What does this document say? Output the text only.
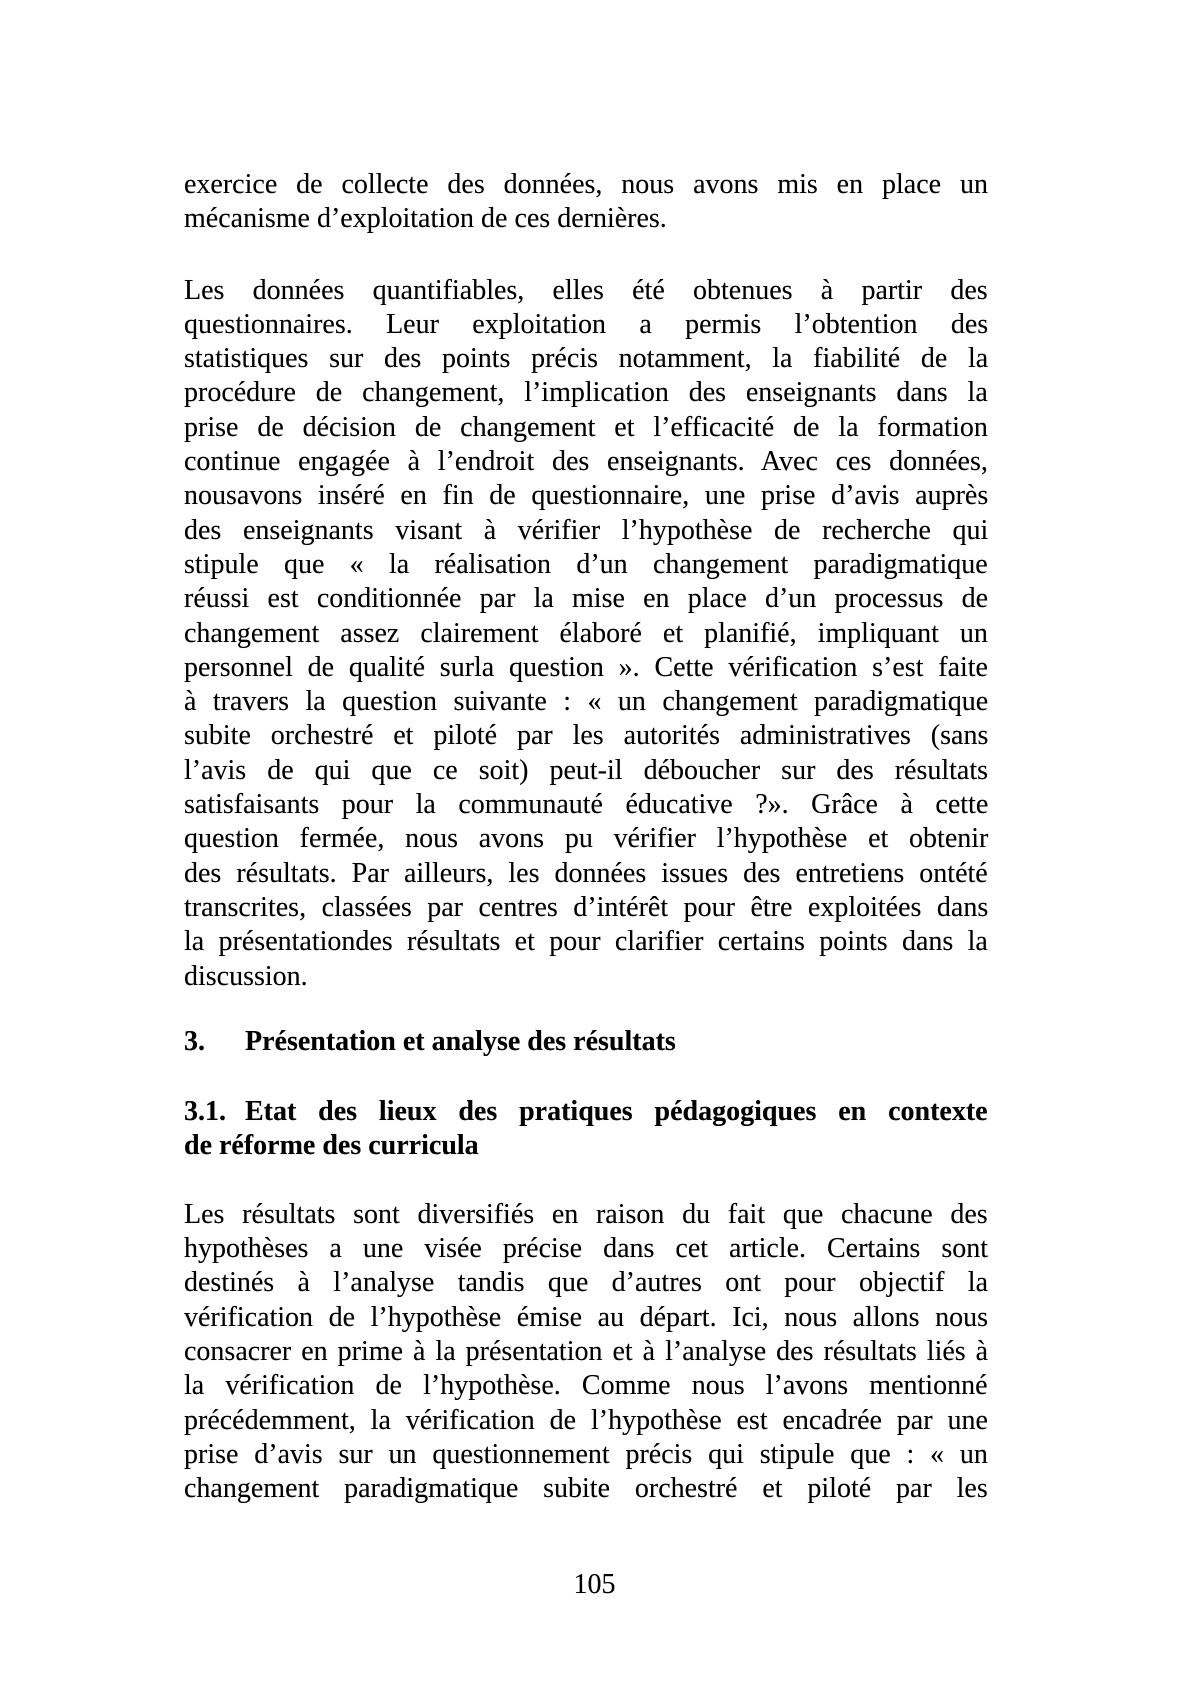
exercice de collecte des données, nous avons mis en place un
mécanisme d’exploitation de ces dernières.
Les données quantifiables, elles été obtenues à partir des
questionnaires. Leur exploitation a permis l’obtention des
statistiques sur des points précis notamment, la fiabilité de la
procédure de changement, l’implication des enseignants dans la
prise de décision de changement et l’efficacité de la formation
continue engagée à l’endroit des enseignants. Avec ces données,
nousavons inséré en fin de questionnaire, une prise d’avis auprès
des enseignants visant à vérifier l’hypothèse de recherche qui
stipule que « la réalisation d’un changement paradigmatique
réussi est conditionnée par la mise en place d’un processus de
changement assez clairement élaboré et planifié, impliquant un
personnel de qualité surla question ». Cette vérification s’est faite
à travers la question suivante : « un changement paradigmatique
subite orchestré et piloté par les autorités administratives (sans
l’avis de qui que ce soit) peut-il déboucher sur des résultats
satisfaisants pour la communauté éducative ?». Grâce à cette
question fermée, nous avons pu vérifier l’hypothèse et obtenir
des résultats. Par ailleurs, les données issues des entretiens ontété
transcrites, classées par centres d’intérêt pour être exploitées dans
la présentationdes résultats et pour clarifier certains points dans la
discussion.
3. Présentation et analyse des résultats
3.1. Etat des lieux des pratiques pédagogiques en contexte
de réforme des curricula
Les résultats sont diversifiés en raison du fait que chacune des
hypothèses a une visée précise dans cet article. Certains sont
destinés à l’analyse tandis que d’autres ont pour objectif la
vérification de l’hypothèse émise au départ. Ici, nous allons nous
consacrer en prime à la présentation et à l’analyse des résultats liés à
la vérification de l’hypothèse. Comme nous l’avons mentionné
précédemment, la vérification de l’hypothèse est encadrée par une
prise d’avis sur un questionnement précis qui stipule que : « un
changement paradigmatique subite orchestré et piloté par les
105
